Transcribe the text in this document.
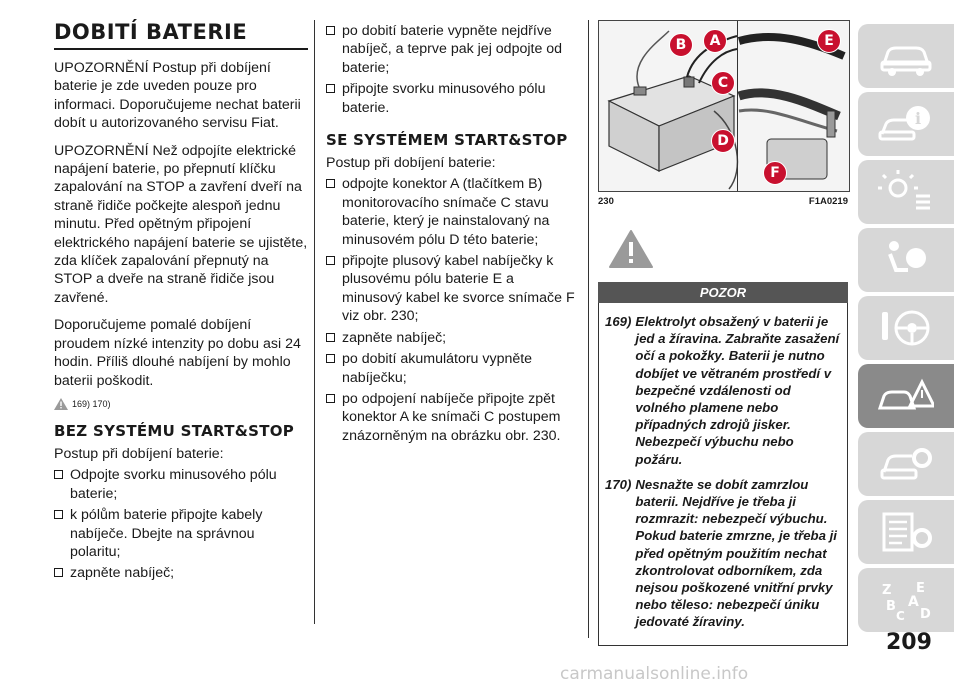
DOBITÍ BATERIE

UPOZORNĚNÍ Postup při dobíjení baterie je zde uveden pouze pro informaci. Doporučujeme nechat baterii dobít u autorizovaného servisu Fiat.

UPOZORNĚNÍ Než odpojíte elektrické napájení baterie, po přepnutí klíčku zapalování na STOP a zavření dveří na straně řidiče počkejte alespoň jednu minutu. Před opětným připojení elektrického napájení baterie se ujistěte, zda klíček zapalování přepnutý na STOP a dveře na straně řidiče jsou zavřené.

Doporučujeme pomalé dobíjení proudem nízké intenzity po dobu asi 24 hodin. Příliš dlouhé nabíjení by mohlo baterii poškodit.

169) 170)
BEZ SYSTÉMU START&STOP

Postup při dobíjení baterie:

Odpojte svorku minusového pólu baterie;
k pólům baterie připojte kabely nabíječe. Dbejte na správnou polaritu;
zapněte nabíječ;
po dobití baterie vypněte nejdříve nabíječ, a teprve pak jej odpojte od baterie;
připojte svorku minusového pólu baterie.
SE SYSTÉMEM START&STOP

Postup při dobíjení baterie:

odpojte konektor A (tlačítkem B) monitorovacího snímače C stavu baterie, který je nainstalovaný na minusovém pólu D této baterie;
připojte plusový kabel nabíječky k plusovému pólu baterie E a minusový kabel ke svorce snímače F viz obr. 230;
zapněte nabíječ;
po dobití akumulátoru vypněte nabíječku;
po odpojení nabíječe připojte zpět konektor A ke snímači C postupem znázorněným na obrázku obr. 230.
B	A
C
D
E
F
230	F1A0219
POZOR
169) Elektrolyt obsažený v baterii je jed a žíravina. Zabraňte zasažení očí a pokožky. Baterii je nutno dobíjet ve větraném prostředí v bezpečné vzdálenosti od volného plamene nebo případných zdrojů jisker. Nebezpečí výbuchu nebo požáru.
170) Nesnažte se dobít zamrzlou baterii. Nejdříve je třeba ji rozmrazit: nebezpečí výbuchu. Pokud baterie zmrzne, je třeba ji před opětným použitím nechat zkontrolovat odborníkem, zda nejsou poškozené vnitřní prvky nebo těleso: nebezpečí úniku jedovaté žíraviny.
i
Z E
A
B
C D
209
carmanualsonline.info
